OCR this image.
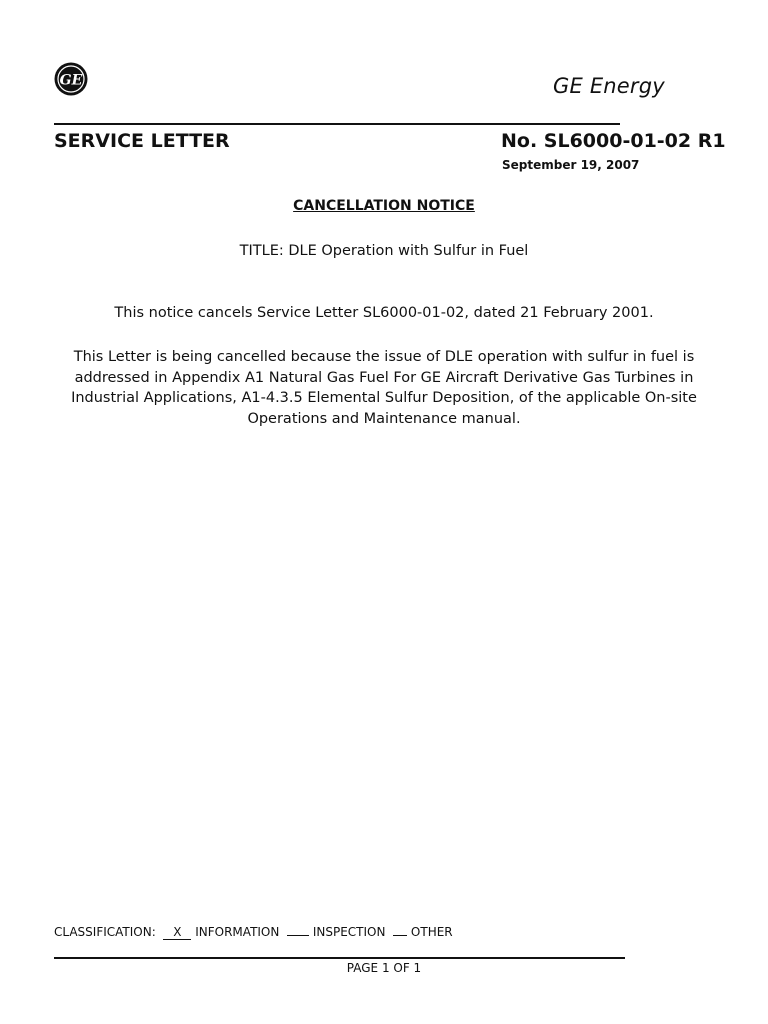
GE	GE Energy
SERVICE LETTER	No. SL6000-01-02 R1
September 19, 2007
CANCELLATION NOTICE
TITLE: DLE Operation with Sulfur in Fuel
This notice cancels Service Letter SL6000-01-02, dated 21 February 2001.
This Letter is being cancelled because the issue of DLE operation with sulfur in fuel is addressed in Appendix A1 Natural Gas Fuel For GE Aircraft Derivative Gas Turbines in Industrial Applications, A1-4.3.5 Elemental Sulfur Deposition, of the applicable On-site Operations and Maintenance manual.
CLASSIFICATION: X INFORMATION	INSPECTION OTHER
PAGE 1 OF 1
